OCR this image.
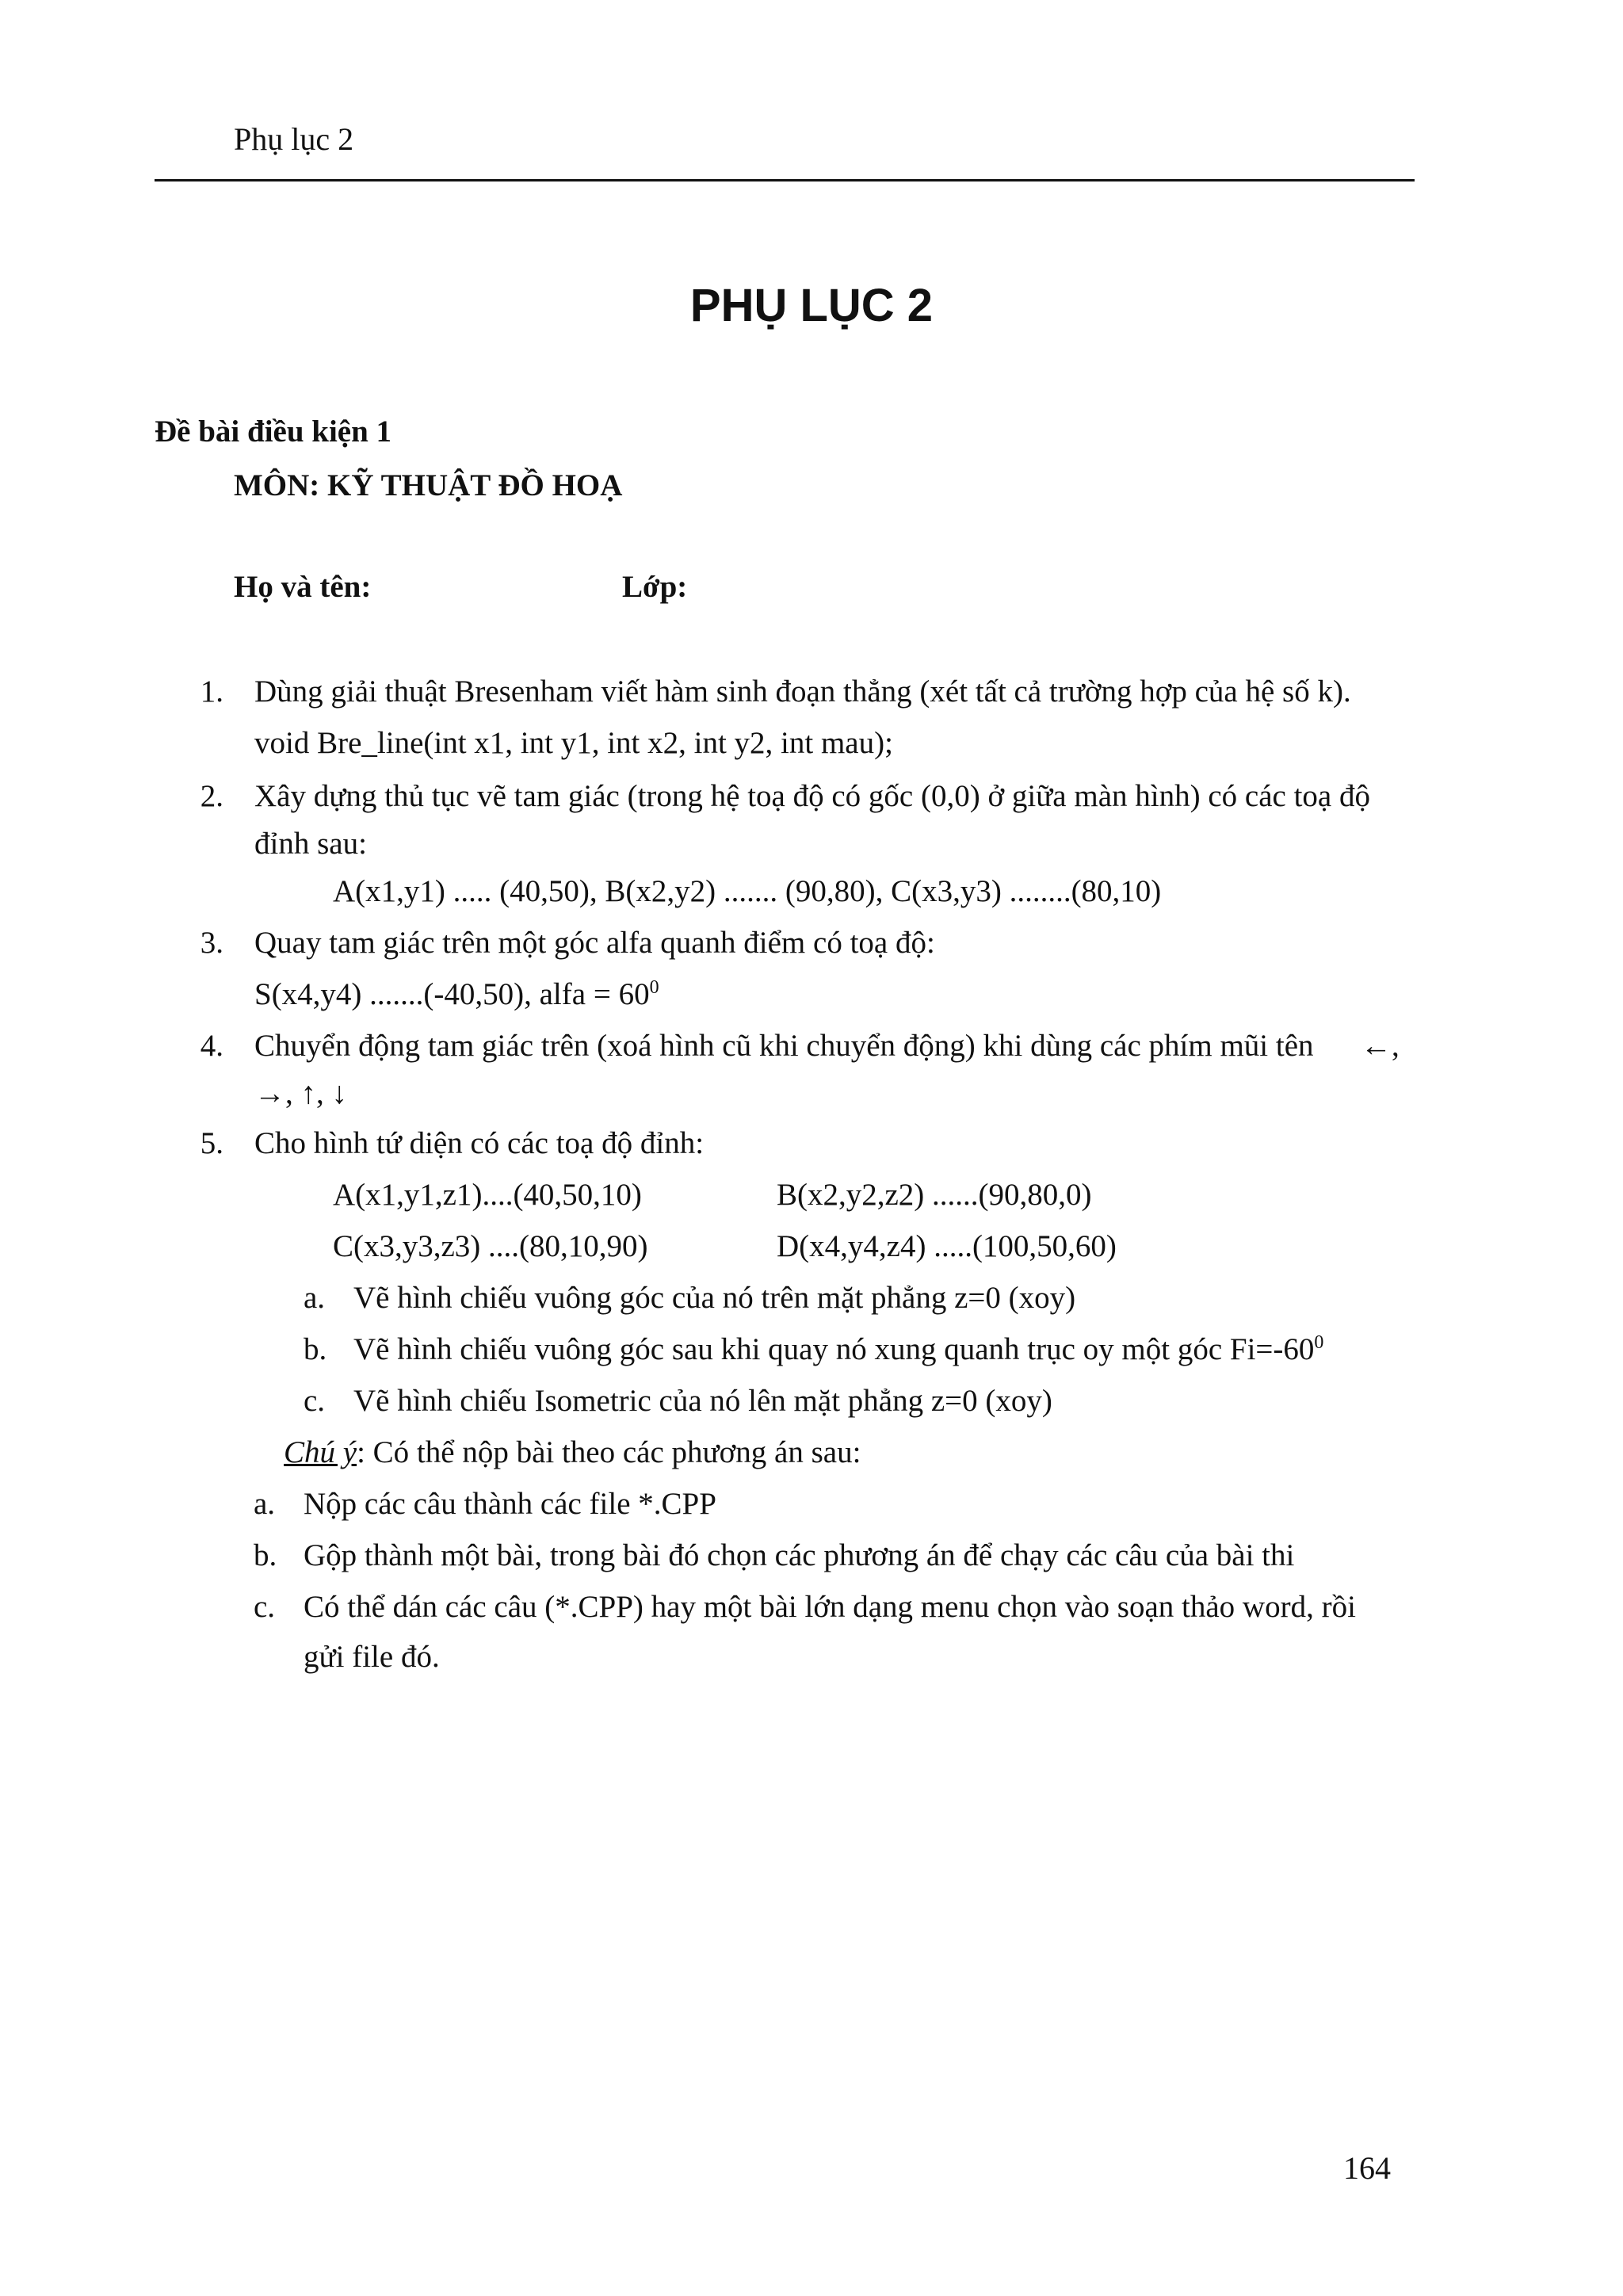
Phụ lục 2
PHỤ LỤC 2
Đề bài điều kiện 1
MÔN: KỸ THUẬT ĐỒ HOẠ
Họ và tên:	Lớp:
1. Dùng giải thuật Bresenham viết hàm sinh đoạn thẳng (xét tất cả trường hợp của hệ số k).
void Bre_line(int x1, int y1, int x2, int y2, int mau);
2. Xây dựng thủ tục vẽ tam giác (trong hệ toạ độ có gốc (0,0) ở giữa màn hình) có các toạ độ
đỉnh sau:
A(x1,y1) ..... (40,50), B(x2,y2) ....... (90,80), C(x3,y3) ........(80,10)
3. Quay tam giác trên một góc alfa quanh điểm có toạ độ:
S(x4,y4) .......(-40,50), alfa = $60^0$
4. Chuyển động tam giác trên (xoá hình cũ khi chuyển động) khi dùng các phím mũi tên ←,
→, ↑, ↓
5. Cho hình tứ diện có các toạ độ đỉnh:
A(x1,y1,z1)....(40,50,10)	B(x2,y2,z2) ......(90,80,0)
C(x3,y3,z3) ....(80,10,90)	D(x4,y4,z4) .....(100,50,60)
a. Vẽ hình chiếu vuông góc của nó trên mặt phẳng z=0 (xoy)
b. Vẽ hình chiếu vuông góc sau khi quay nó xung quanh trục oy một góc $Fi=-60^0$
c. Vẽ hình chiếu Isometric của nó lên mặt phẳng z=0 (xoy)
Chú ý: Có thể nộp bài theo các phương án sau:
a. Nộp các câu thành các file *.CPP
b. Gộp thành một bài, trong bài đó chọn các phương án để chạy các câu của bài thi
c. Có thể dán các câu (*.CPP) hay một bài lớn dạng menu chọn vào soạn thảo word, rồi
gửi file đó.
164
